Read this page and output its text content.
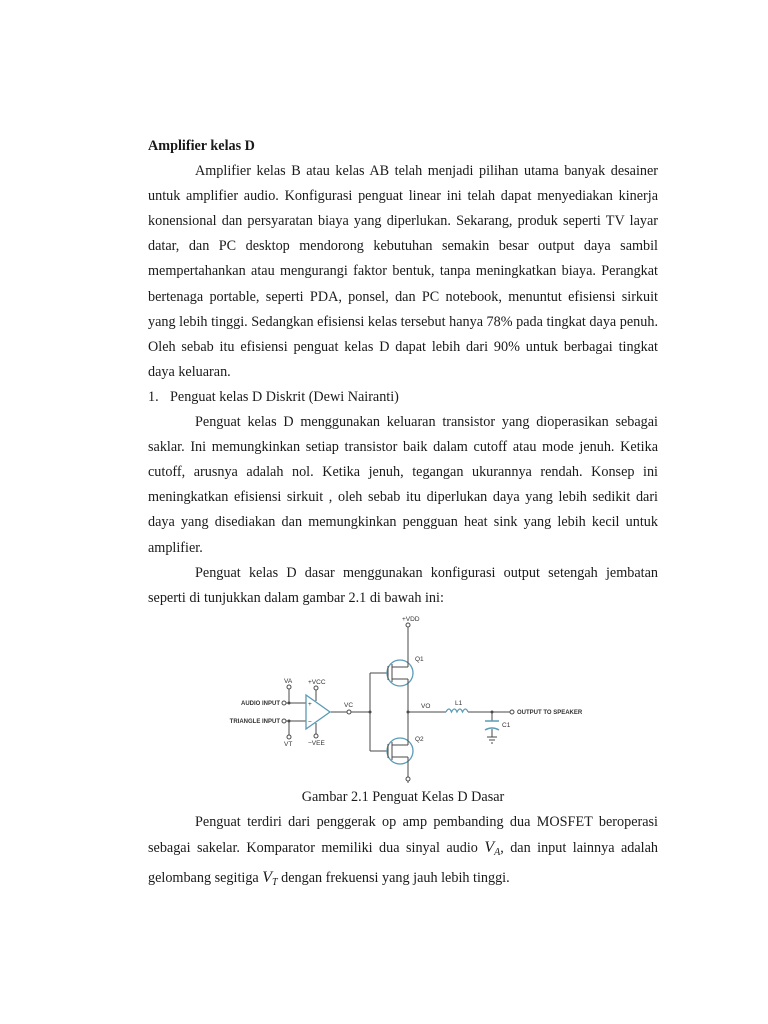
Amplifier kelas D

Amplifier kelas B atau kelas AB telah menjadi pilihan utama banyak desainer untuk amplifier audio. Konfigurasi penguat linear ini telah dapat menyediakan kinerja konensional dan persyaratan biaya yang diperlukan. Sekarang, produk seperti TV layar datar, dan PC desktop mendorong kebutuhan semakin besar output daya sambil mempertahankan atau mengurangi faktor bentuk, tanpa meningkatkan biaya. Perangkat bertenaga portable, seperti PDA, ponsel, dan PC notebook, menuntut efisiensi sirkuit yang lebih tinggi. Sedangkan efisiensi kelas tersebut hanya 78% pada tingkat daya penuh. Oleh sebab itu efisiensi penguat kelas D dapat lebih dari 90% untuk berbagai tingkat daya keluaran.

1. Penguat kelas D Diskrit (Dewi Nairanti)

Penguat kelas D menggunakan keluaran transistor yang dioperasikan sebagai saklar. Ini memungkinkan setiap transistor baik dalam cutoff atau mode jenuh. Ketika cutoff, arusnya adalah nol. Ketika jenuh, tegangan ukurannya rendah. Konsep ini meningkatkan efisiensi sirkuit , oleh sebab itu diperlukan daya yang lebih sedikit dari daya yang disediakan dan memungkinkan pengguan heat sink yang lebih kecil untuk amplifier.

Penguat kelas D dasar menggunakan konfigurasi output setengah jembatan seperti di tunjukkan dalam gambar 2.1 di bawah ini:

+
−
+VDD
VA
VT
+VCC
−VEE
AUDIO INPUT
TRIANGLE INPUT
VC	VO
Q1
Q2
L1
C1
OUTPUT TO SPEAKER

Gambar 2.1 Penguat Kelas D Dasar

Penguat terdiri dari penggerak op amp pembanding dua MOSFET beroperasi sebagai sakelar. Komparator memiliki dua sinyal audio $V_A$, dan input lainnya adalah gelombang segitiga $V_T$ dengan frekuensi yang jauh lebih tinggi.
